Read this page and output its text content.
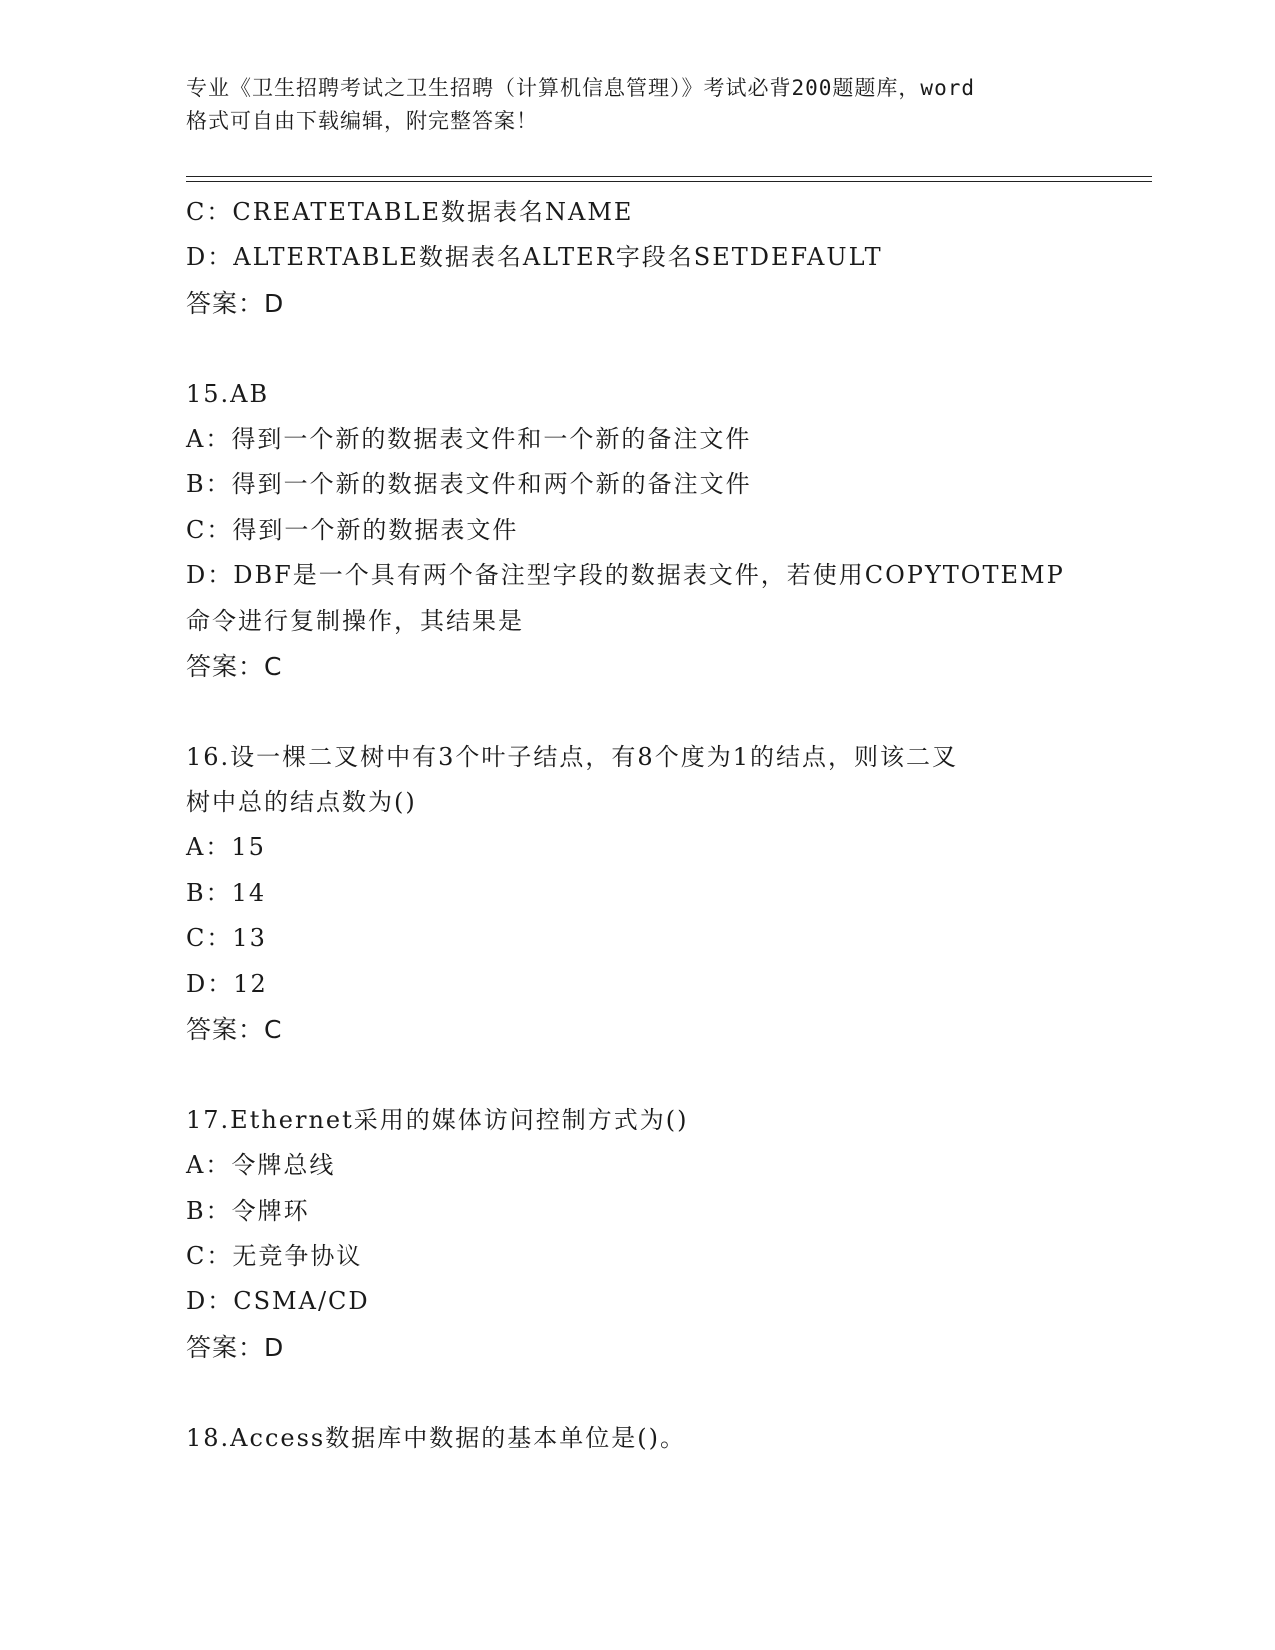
专业《卫生招聘考试之卫生招聘（计算机信息管理）》考试必背200题题库，word
格式可自由下载编辑，附完整答案！
C：CREATETABLE数据表名NAME
D：ALTERTABLE数据表名ALTER字段名SETDEFAULT
答案：D
15.AB
A：得到一个新的数据表文件和一个新的备注文件
B：得到一个新的数据表文件和两个新的备注文件
C：得到一个新的数据表文件
D：DBF是一个具有两个备注型字段的数据表文件，若使用COPYTOTEMP
命令进行复制操作，其结果是
答案：C
16.设一棵二叉树中有3个叶子结点，有8个度为1的结点，则该二叉
树中总的结点数为()
A：15
B：14
C：13
D：12
答案：C
17.Ethernet采用的媒体访问控制方式为()
A：令牌总线
B：令牌环
C：无竞争协议
D：CSMA/CD
答案：D
18.Access数据库中数据的基本单位是()。
